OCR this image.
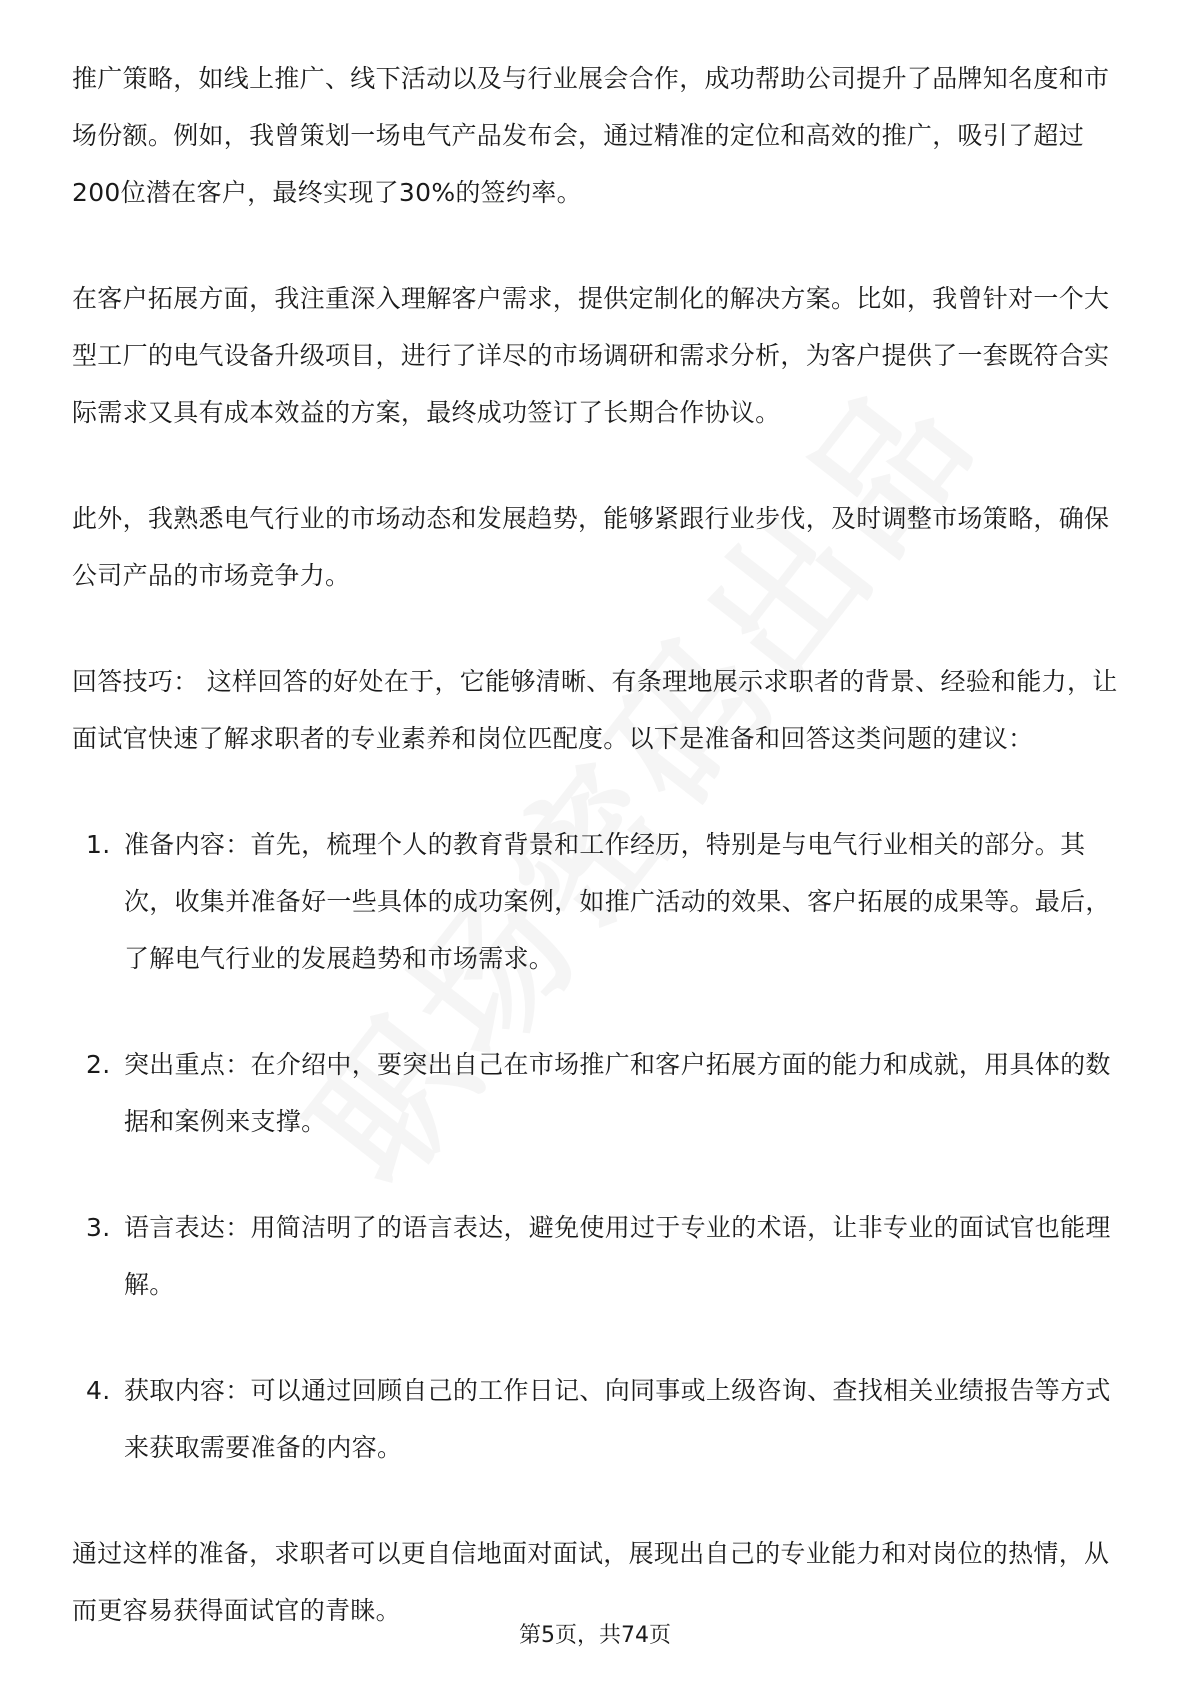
推广策略，如线上推广、线下活动以及与行业展会合作，成功帮助公司提升了品牌知名度和市场份额。例如，我曾策划一场电气产品发布会，通过精准的定位和高效的推广，吸引了超过200位潜在客户，最终实现了30%的签约率。

在客户拓展方面，我注重深入理解客户需求，提供定制化的解决方案。比如，我曾针对一个大型工厂的电气设备升级项目，进行了详尽的市场调研和需求分析，为客户提供了一套既符合实际需求又具有成本效益的方案，最终成功签订了长期合作协议。

此外，我熟悉电气行业的市场动态和发展趋势，能够紧跟行业步伐，及时调整市场策略，确保公司产品的市场竞争力。

回答技巧： 这样回答的好处在于，它能够清晰、有条理地展示求职者的背景、经验和能力，让面试官快速了解求职者的专业素养和岗位匹配度。以下是准备和回答这类问题的建议：

1. 准备内容：首先，梳理个人的教育背景和工作经历，特别是与电气行业相关的部分。其次，收集并准备好一些具体的成功案例，如推广活动的效果、客户拓展的成果等。最后，了解电气行业的发展趋势和市场需求。
2. 突出重点：在介绍中，要突出自己在市场推广和客户拓展方面的能力和成就，用具体的数据和案例来支撑。
3. 语言表达：用简洁明了的语言表达，避免使用过于专业的术语，让非专业的面试官也能理解。
4. 获取内容：可以通过回顾自己的工作日记、向同事或上级咨询、查找相关业绩报告等方式来获取需要准备的内容。

通过这样的准备，求职者可以更自信地面对面试，展现出自己的专业能力和对岗位的热情，从而更容易获得面试官的青睐。

第5页，共74页
